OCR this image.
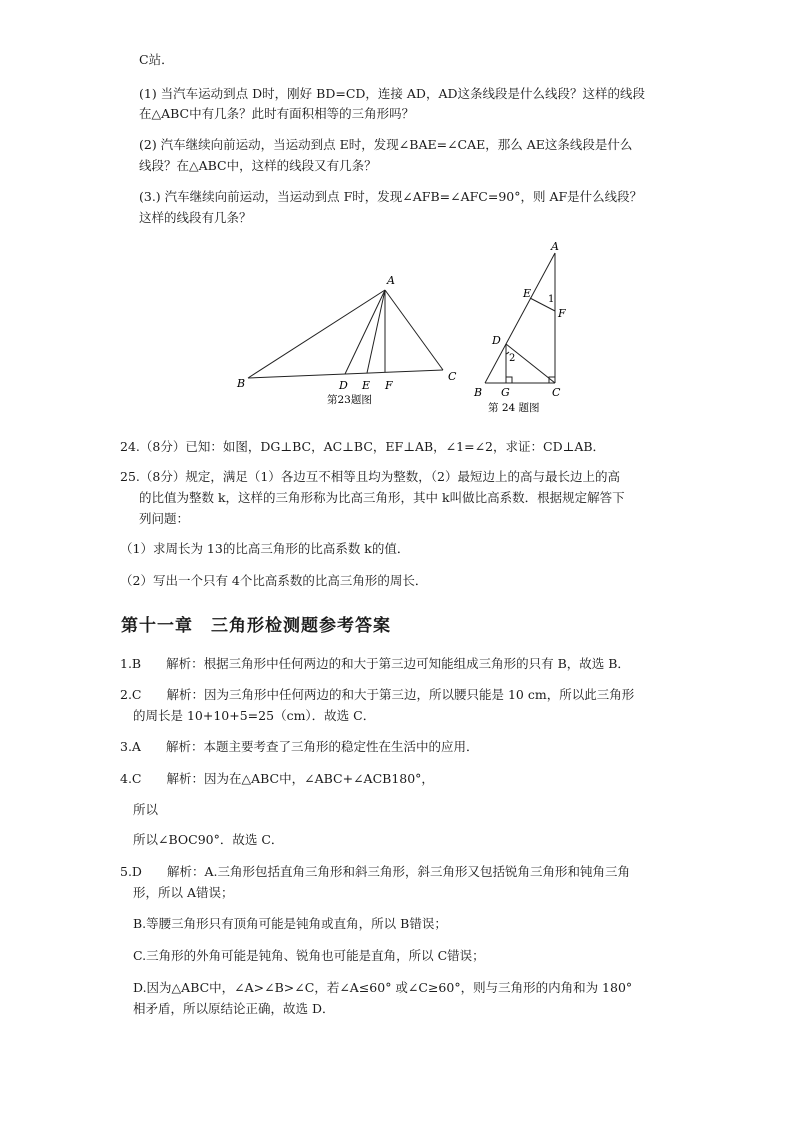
C站．
(1) 当汽车运动到点 D时，刚好 BD=CD，连接 AD，AD这条线段是什么线段？这样的线段
在△ABC中有几条？此时有面积相等的三角形吗？
(2) 汽车继续向前运动，当运动到点 E时，发现∠BAE=∠CAE，那么 AE这条线段是什么
线段？在△ABC中，这样的线段又有几条？
(3.) 汽车继续向前运动，当运动到点 F时，发现∠AFB=∠AFC=90°，则 AF是什么线段？
这样的线段有几条？
A
B
C
D E F
第23题图
A
E
F
D
B G	C
1
2
第 24 题图
24.（8分）已知：如图，DG⊥BC，AC⊥BC，EF⊥AB，∠1=∠2，求证：CD⊥AB．
25.（8分）规定，满足（1）各边互不相等且均为整数，（2）最短边上的高与最长边上的高
的比值为整数 k，这样的三角形称为比高三角形，其中 k叫做比高系数．根据规定解答下
列问题：
（1）求周长为 13的比高三角形的比高系数 k的值．
（2）写出一个只有 4个比高系数的比高三角形的周长．
第十一章　三角形检测题参考答案
1.B　　解析：根据三角形中任何两边的和大于第三边可知能组成三角形的只有 B，故选 B．
2.C　　解析：因为三角形中任何两边的和大于第三边，所以腰只能是 10 cm，所以此三角形
的周长是 10+10+5=25（cm）．故选 C．
3.A　　解析：本题主要考查了三角形的稳定性在生活中的应用．
4.C　　解析：因为在△ABC中，∠ABC+∠ACB180°，
所以
所以∠BOC90°．故选 C．
5.D　　解析：A.三角形包括直角三角形和斜三角形，斜三角形又包括锐角三角形和钝角三角
形，所以 A错误；
B.等腰三角形只有顶角可能是钝角或直角，所以 B错误；
C.三角形的外角可能是钝角、锐角也可能是直角，所以 C错误；
D.因为△ABC中，∠A>∠B>∠C，若∠A≤60° 或∠C≥60°，则与三角形的内角和为 180°
相矛盾，所以原结论正确，故选 D．
